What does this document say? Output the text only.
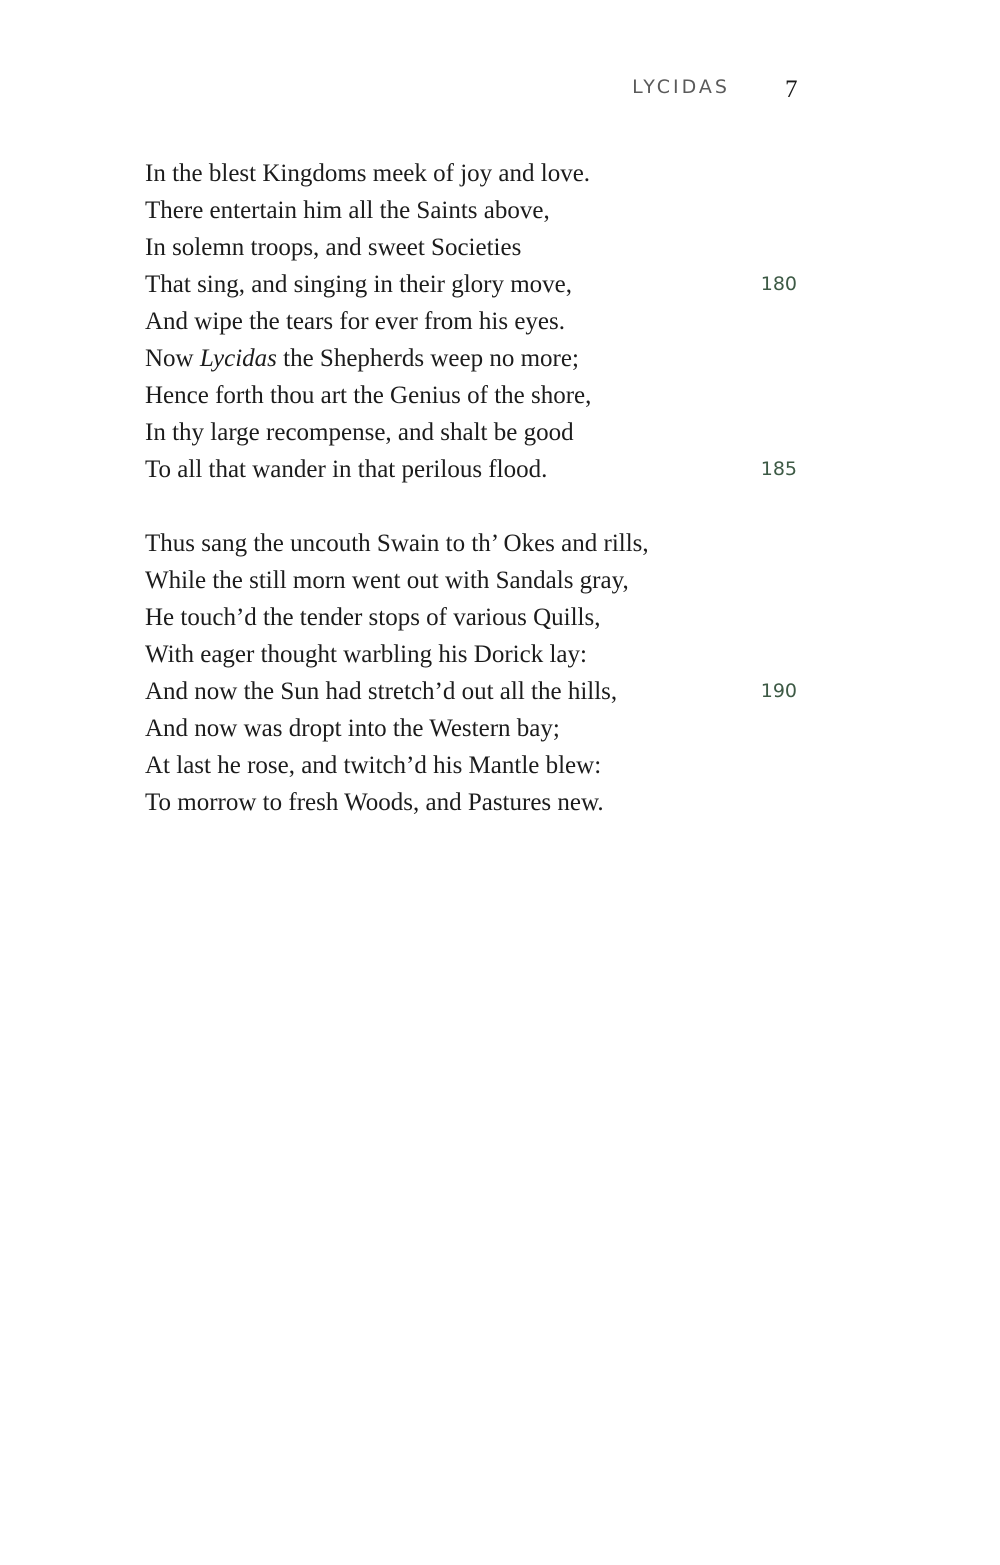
LYCIDAS 7
In the blest Kingdoms meek of joy and love.
There entertain him all the Saints above,
In solemn troops, and sweet Societies
That sing, and singing in their glory move,	180
And wipe the tears for ever from his eyes.
Now Lycidas the Shepherds weep no more;
Hence forth thou art the Genius of the shore,
In thy large recompense, and shalt be good
To all that wander in that perilous flood.	185
Thus sang the uncouth Swain to th’ Okes and rills,
While the still morn went out with Sandals gray,
He touch’d the tender stops of various Quills,
With eager thought warbling his Dorick lay:
And now the Sun had stretch’d out all the hills,	190
And now was dropt into the Western bay;
At last he rose, and twitch’d his Mantle blew:
To morrow to fresh Woods, and Pastures new.
